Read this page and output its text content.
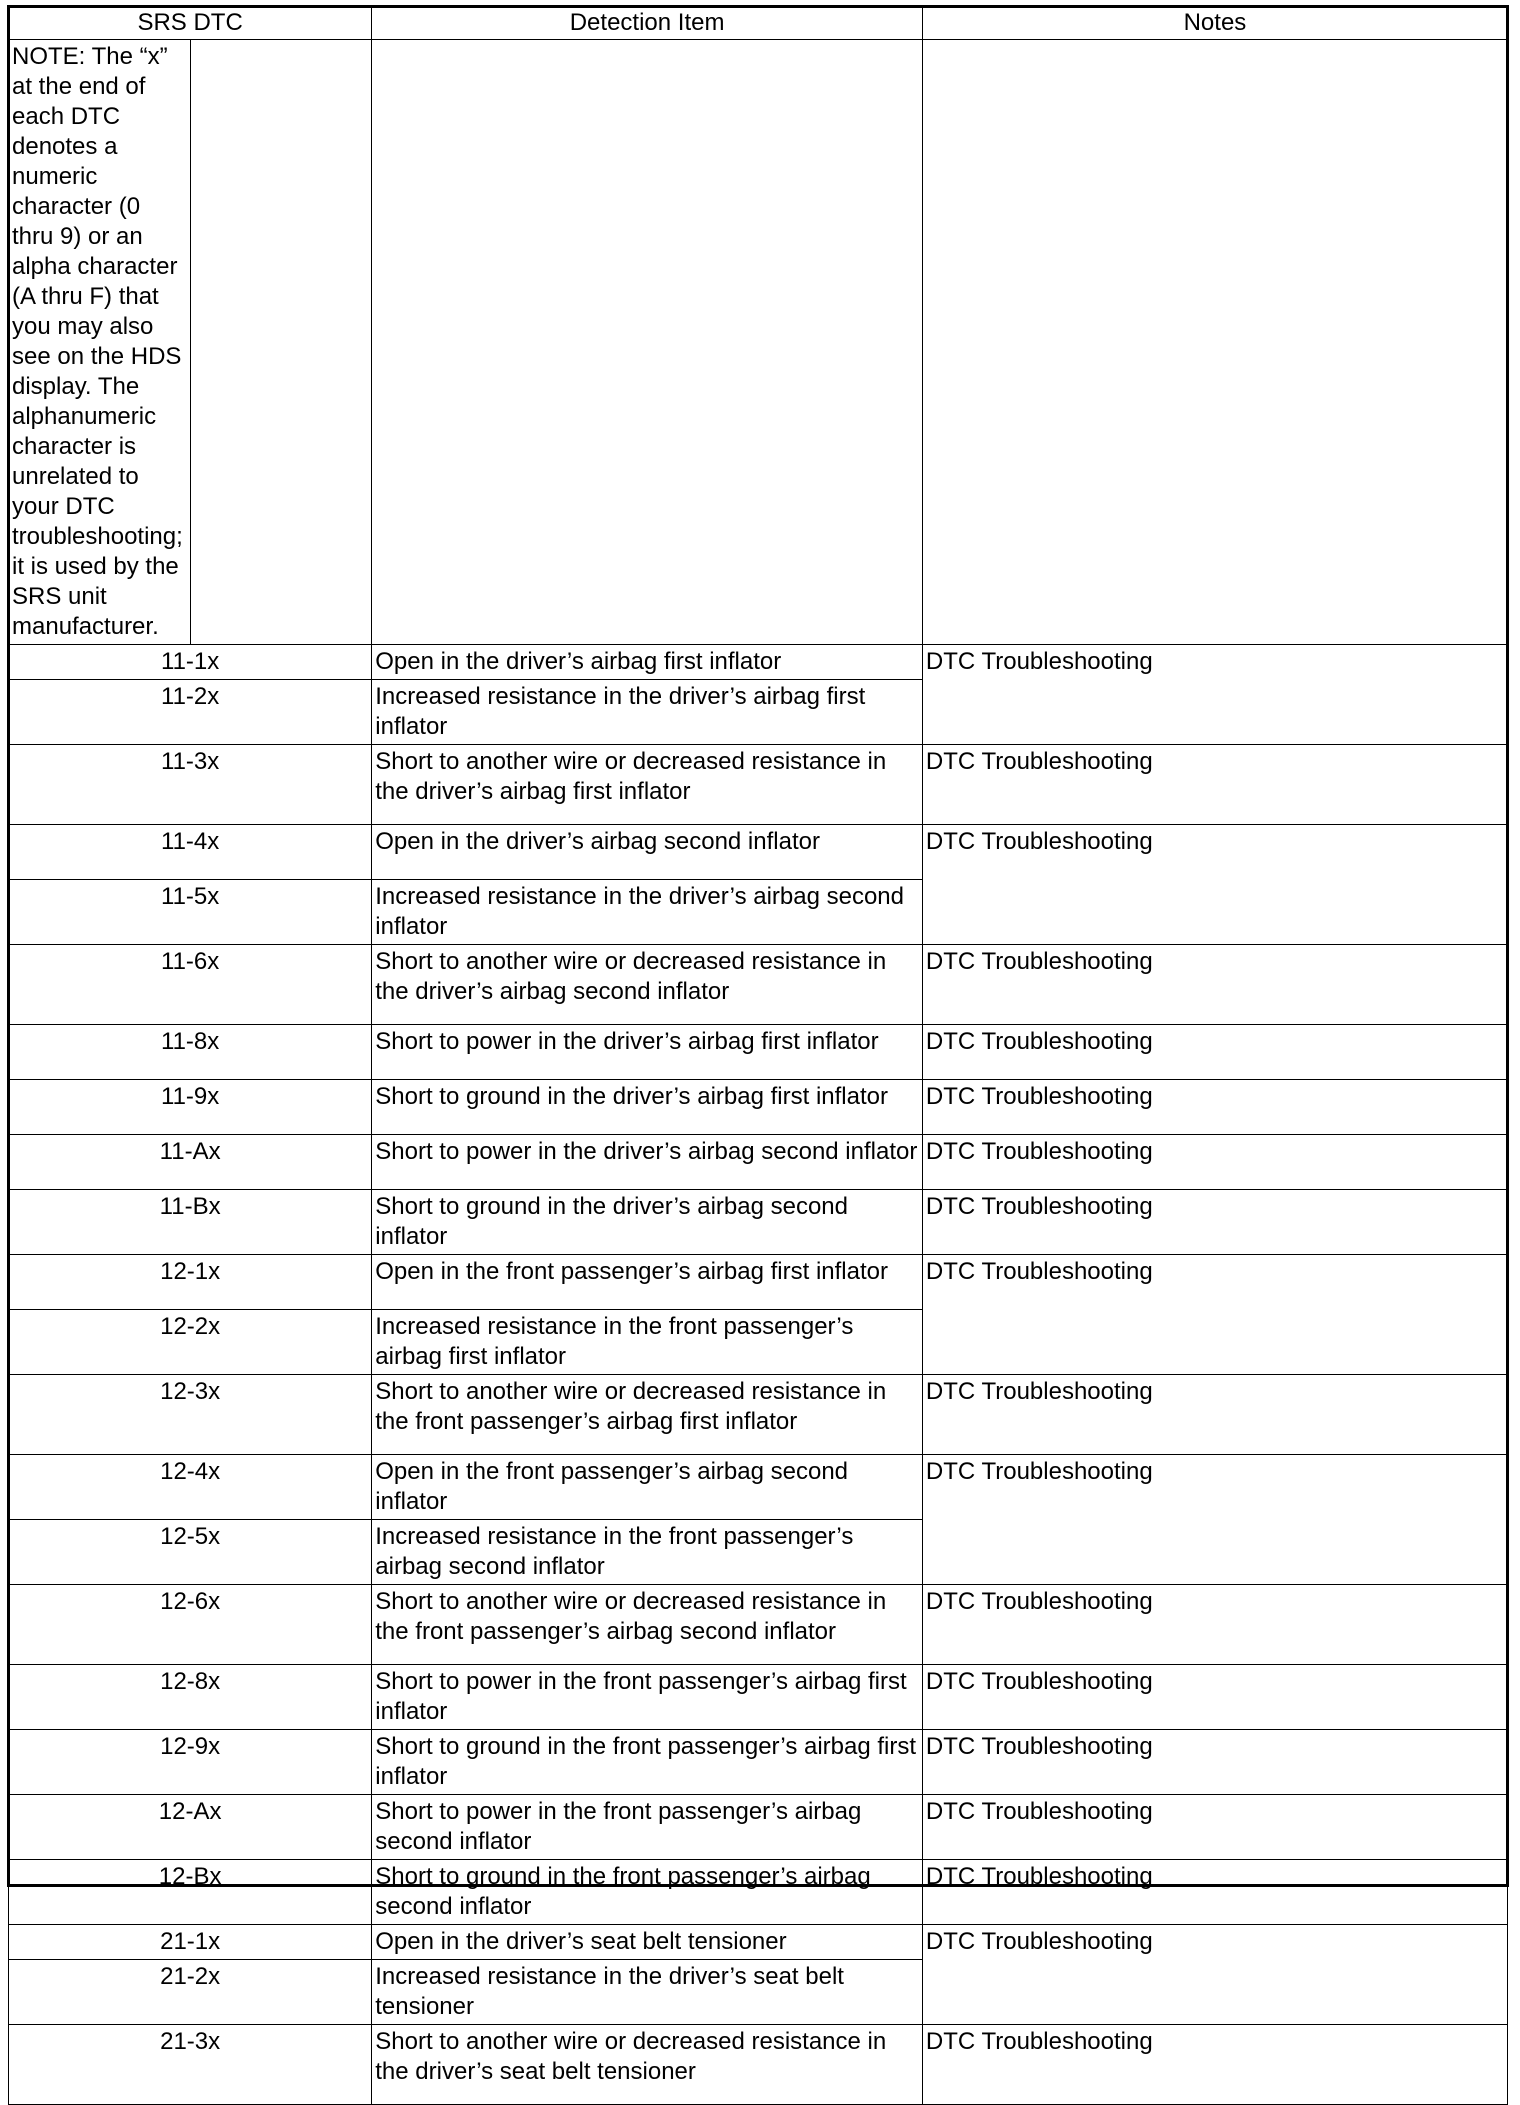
SRS DTC		Detection Item	Notes
NOTE: The “x” at the end of each DTC denotes a numeric character (0 thru 9) or an alpha character (A thru F) that you may also see on the HDS display. The alphanumeric character is unrelated to your DTC troubleshooting; it is used by the SRS unit manufacturer.			
11-1x		Open in the driver’s airbag first inflator	DTC Troubleshooting
11-2x		Increased resistance in the driver’s airbag first inflator	
11-3x		Short to another wire or decreased resistance in the driver’s airbag first inflator	DTC Troubleshooting
11-4x		Open in the driver’s airbag second inflator	DTC Troubleshooting
11-5x		Increased resistance in the driver’s airbag second inflator	
11-6x		Short to another wire or decreased resistance in the driver’s airbag second inflator	DTC Troubleshooting
11-8x		Short to power in the driver’s airbag first inflator	DTC Troubleshooting
11-9x		Short to ground in the driver’s airbag first inflator	DTC Troubleshooting
11-Ax		Short to power in the driver’s airbag second inflator	DTC Troubleshooting
11-Bx		Short to ground in the driver’s airbag second inflator	DTC Troubleshooting
12-1x		Open in the front passenger’s airbag first inflator	DTC Troubleshooting
12-2x		Increased resistance in the front passenger’s airbag first inflator	
12-3x		Short to another wire or decreased resistance in the front passenger’s airbag first inflator	DTC Troubleshooting
12-4x		Open in the front passenger’s airbag second inflator	DTC Troubleshooting
12-5x		Increased resistance in the front passenger’s airbag second inflator	
12-6x		Short to another wire or decreased resistance in the front passenger’s airbag second inflator	DTC Troubleshooting
12-8x		Short to power in the front passenger’s airbag first inflator	DTC Troubleshooting
12-9x		Short to ground in the front passenger’s airbag first inflator	DTC Troubleshooting
12-Ax		Short to power in the front passenger’s airbag second inflator	DTC Troubleshooting
12-Bx		Short to ground in the front passenger’s airbag second inflator	DTC Troubleshooting
21-1x		Open in the driver’s seat belt tensioner	DTC Troubleshooting
21-2x		Increased resistance in the driver’s seat belt tensioner	
21-3x		Short to another wire or decreased resistance in the driver’s seat belt tensioner	DTC Troubleshooting
